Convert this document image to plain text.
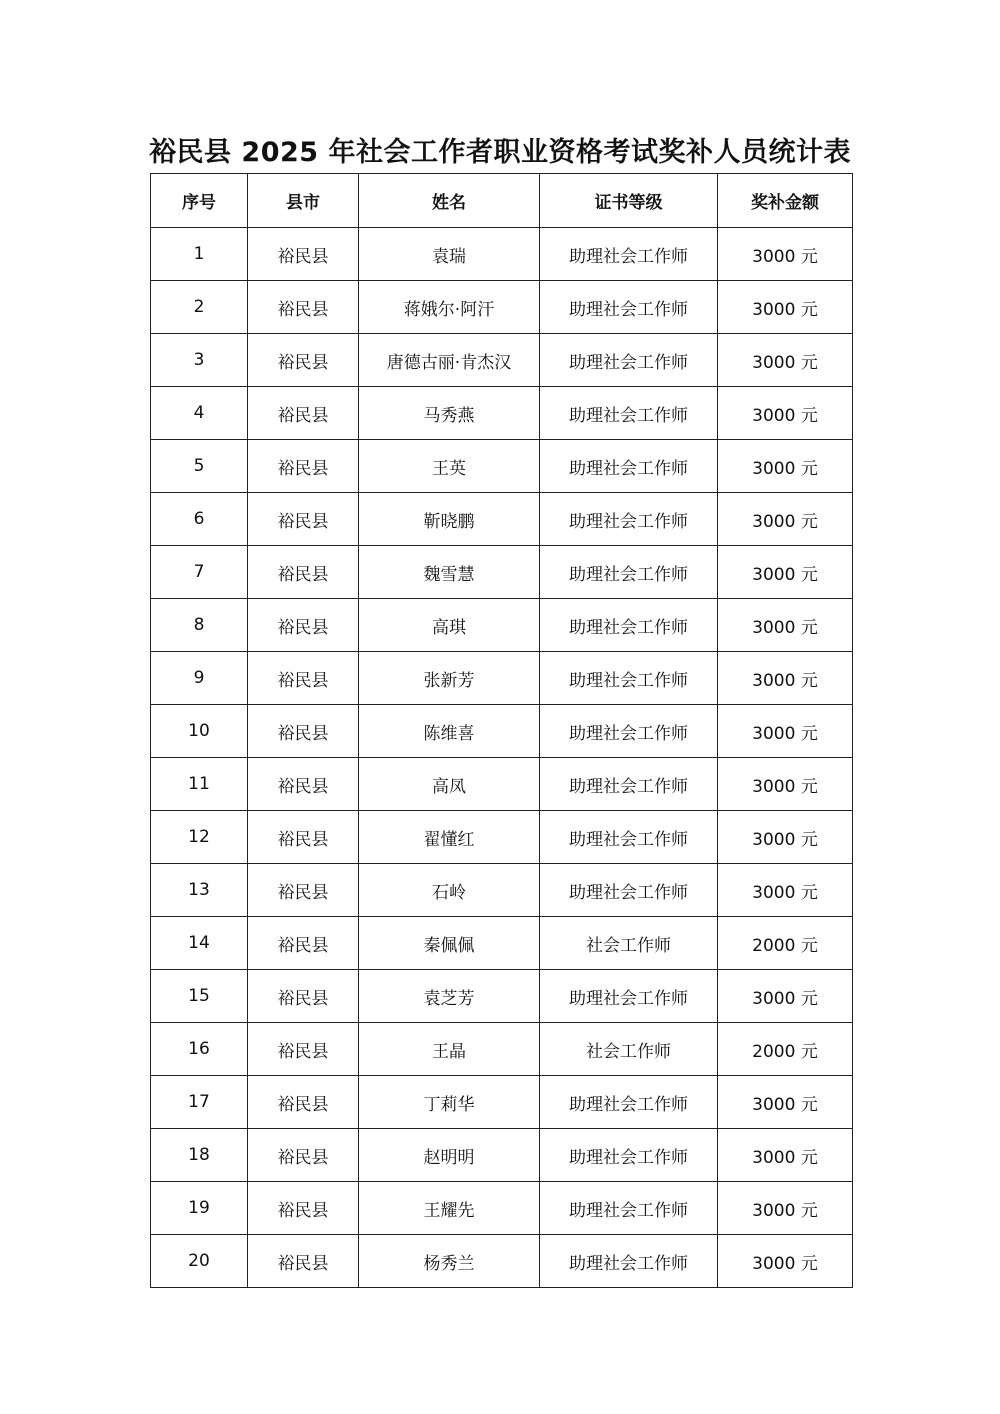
裕民县 2025 年社会工作者职业资格考试奖补人员统计表
序号	县市	姓名	证书等级	奖补金额
1	裕民县	袁瑞	助理社会工作师	3000 元
2	裕民县	蒋娥尔·阿汗	助理社会工作师	3000 元
3	裕民县	唐德古丽·肯杰汉	助理社会工作师	3000 元
4	裕民县	马秀燕	助理社会工作师	3000 元
5	裕民县	王英	助理社会工作师	3000 元
6	裕民县	靳晓鹏	助理社会工作师	3000 元
7	裕民县	魏雪慧	助理社会工作师	3000 元
8	裕民县	高琪	助理社会工作师	3000 元
9	裕民县	张新芳	助理社会工作师	3000 元
10	裕民县	陈维喜	助理社会工作师	3000 元
11	裕民县	高凤	助理社会工作师	3000 元
12	裕民县	翟懂红	助理社会工作师	3000 元
13	裕民县	石岭	助理社会工作师	3000 元
14	裕民县	秦佩佩	社会工作师	2000 元
15	裕民县	袁芝芳	助理社会工作师	3000 元
16	裕民县	王晶	社会工作师	2000 元
17	裕民县	丁莉华	助理社会工作师	3000 元
18	裕民县	赵明明	助理社会工作师	3000 元
19	裕民县	王耀先	助理社会工作师	3000 元
20	裕民县	杨秀兰	助理社会工作师	3000 元
